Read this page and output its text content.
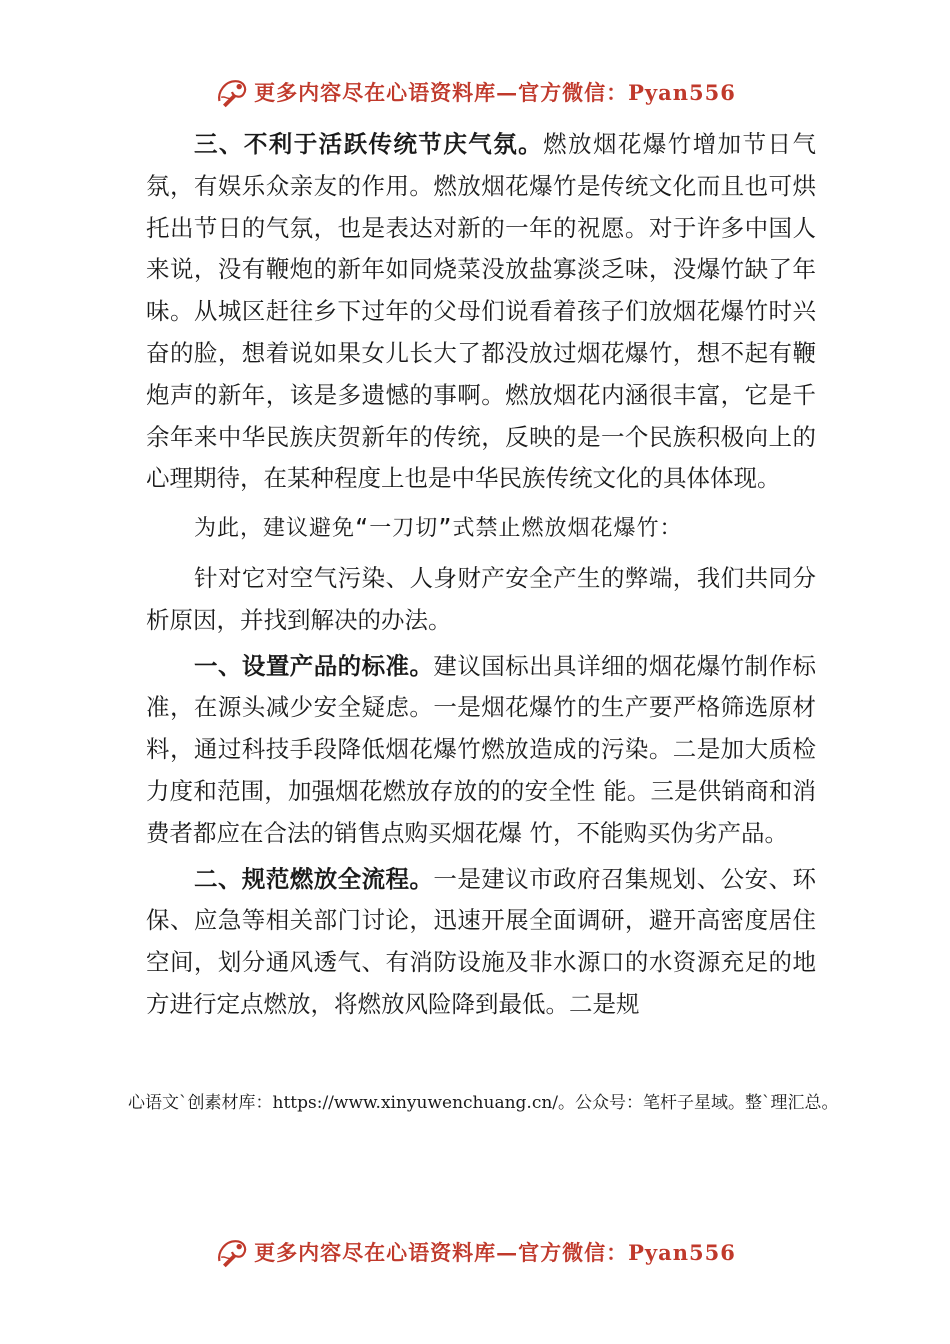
更多内容尽在心语资料库—官方微信：Pyan556

三、不利于活跃传统节庆气氛。燃放烟花爆竹增加节日气氛，有娱乐众亲友的作用。燃放烟花爆竹是传统文化而且也可烘托出节日的气氛，也是表达对新的一年的祝愿。对于许多中国人来说，没有鞭炮的新年如同烧菜没放盐寡淡乏味，没爆竹缺了年味。从城区赶往乡下过年的父母们说看着孩子们放烟花爆竹时兴奋的脸，想着说如果女儿长大了都没放过烟花爆竹，想不起有鞭炮声的新年，该是多遗憾的事啊。燃放烟花内涵很丰富，它是千余年来中华民族庆贺新年的传统，反映的是一个民族积极向上的心理期待，在某种程度上也是中华民族传统文化的具体体现。

为此，建议避免“一刀切”式禁止燃放烟花爆竹：

针对它对空气污染、人身财产安全产生的弊端，我们共同分析原因，并找到解决的办法。

一、设置产品的标准。建议国标出具详细的烟花爆竹制作标准，在源头减少安全疑虑。一是烟花爆竹的生产要严格筛选原材料，通过科技手段降低烟花爆竹燃放造成的污染。二是加大质检力度和范围，加强烟花燃放存放的的安全性 能。三是供销商和消费者都应在合法的销售点购买烟花爆 竹，不能购买伪劣产品。

二、规范燃放全流程。一是建议市政府召集规划、公安、环保、应急等相关部门讨论，迅速开展全面调研，避开高密度居住空间，划分通风透气、有消防设施及非水源口的水资源充足的地方进行定点燃放，将燃放风险降到最低。二是规

心语文`创素材库：https://www.xinyuwenchuang.cn/。公众号：笔杆子星域。整`理汇总。
更多内容尽在心语资料库—官方微信：Pyan556
